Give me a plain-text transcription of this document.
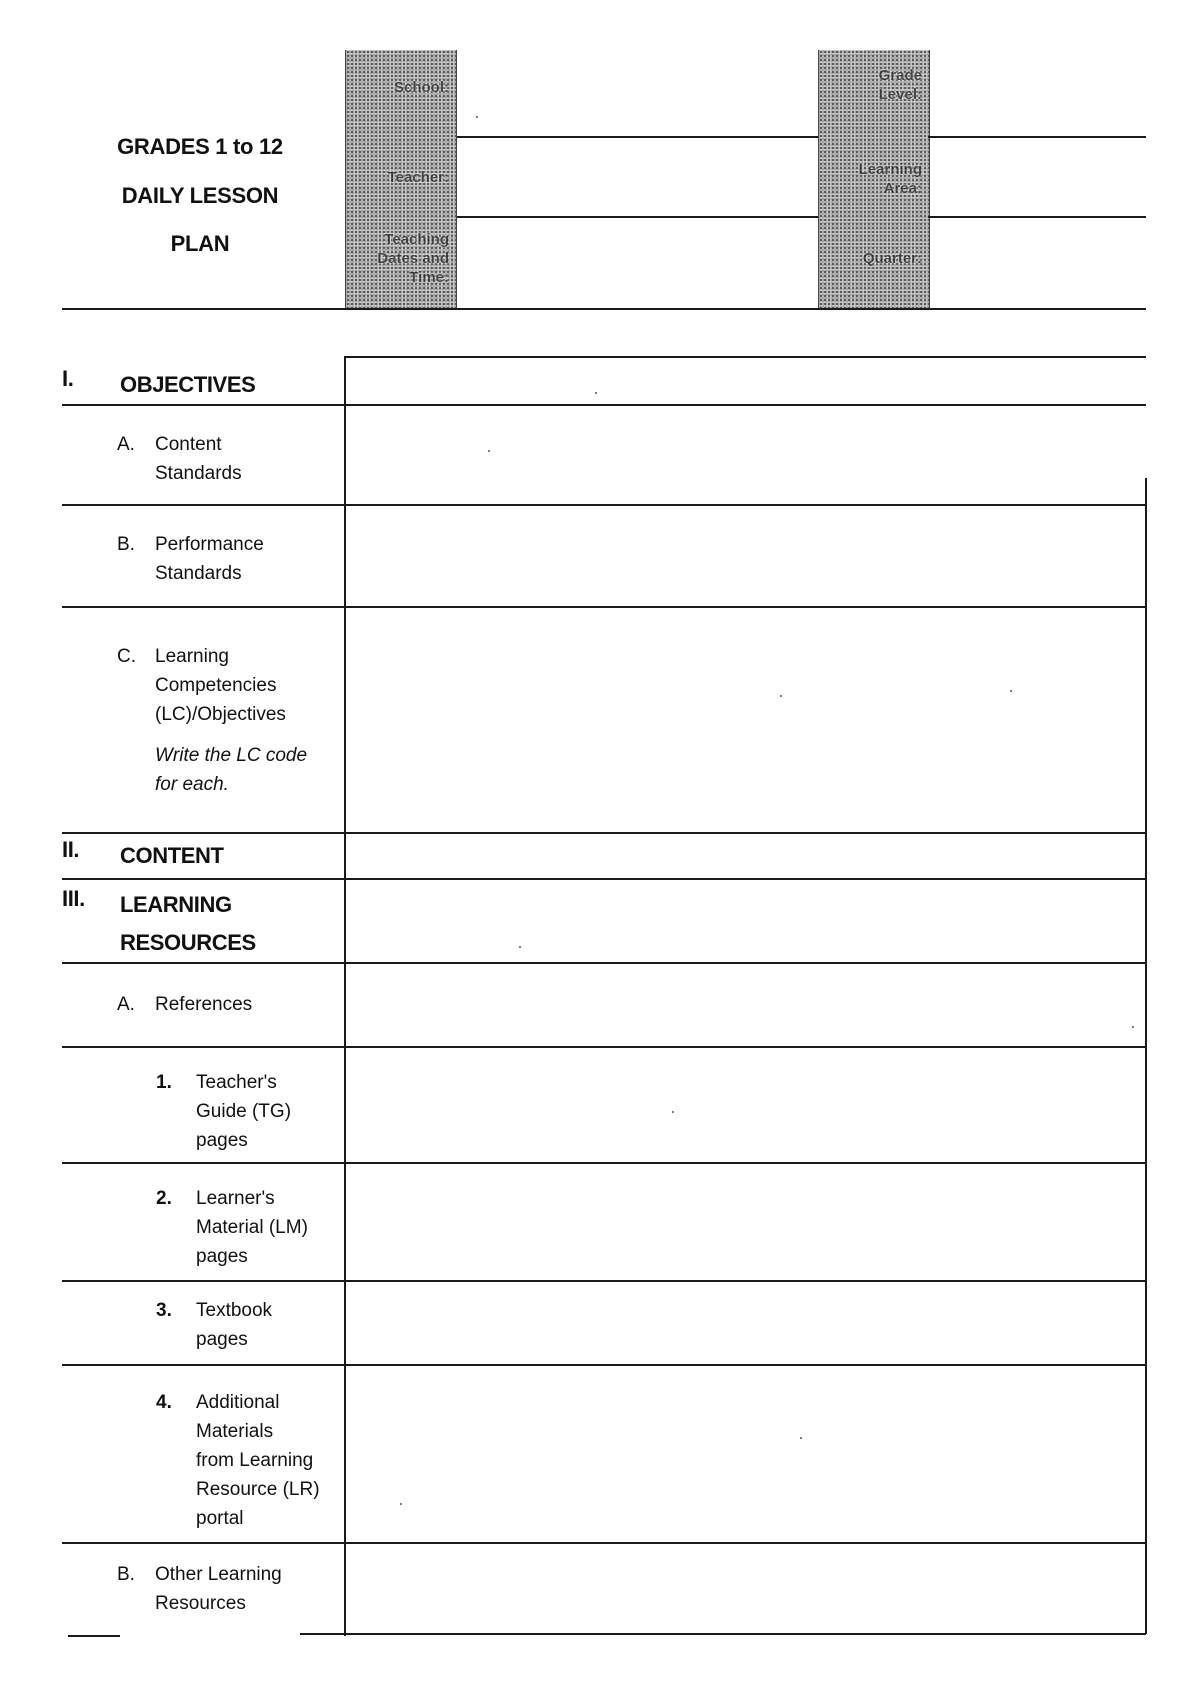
GRADES 1 to 12
DAILY LESSON
PLAN
School:
Teacher:
Teaching
Dates and
Time:
Grade
Level:
Learning
Area:
Quarter:
I. OBJECTIVES
A. Content
Standards
B. Performance
Standards
C. Learning
Competencies
(LC)/Objectives
Write the LC code
for each.
II. CONTENT
III. LEARNING
RESOURCES
A. References
1. Teacher's
Guide (TG)
pages
2. Learner's
Material (LM)
pages
3. Textbook
pages
4. Additional
Materials
from Learning
Resource (LR)
portal
B. Other Learning
Resources
